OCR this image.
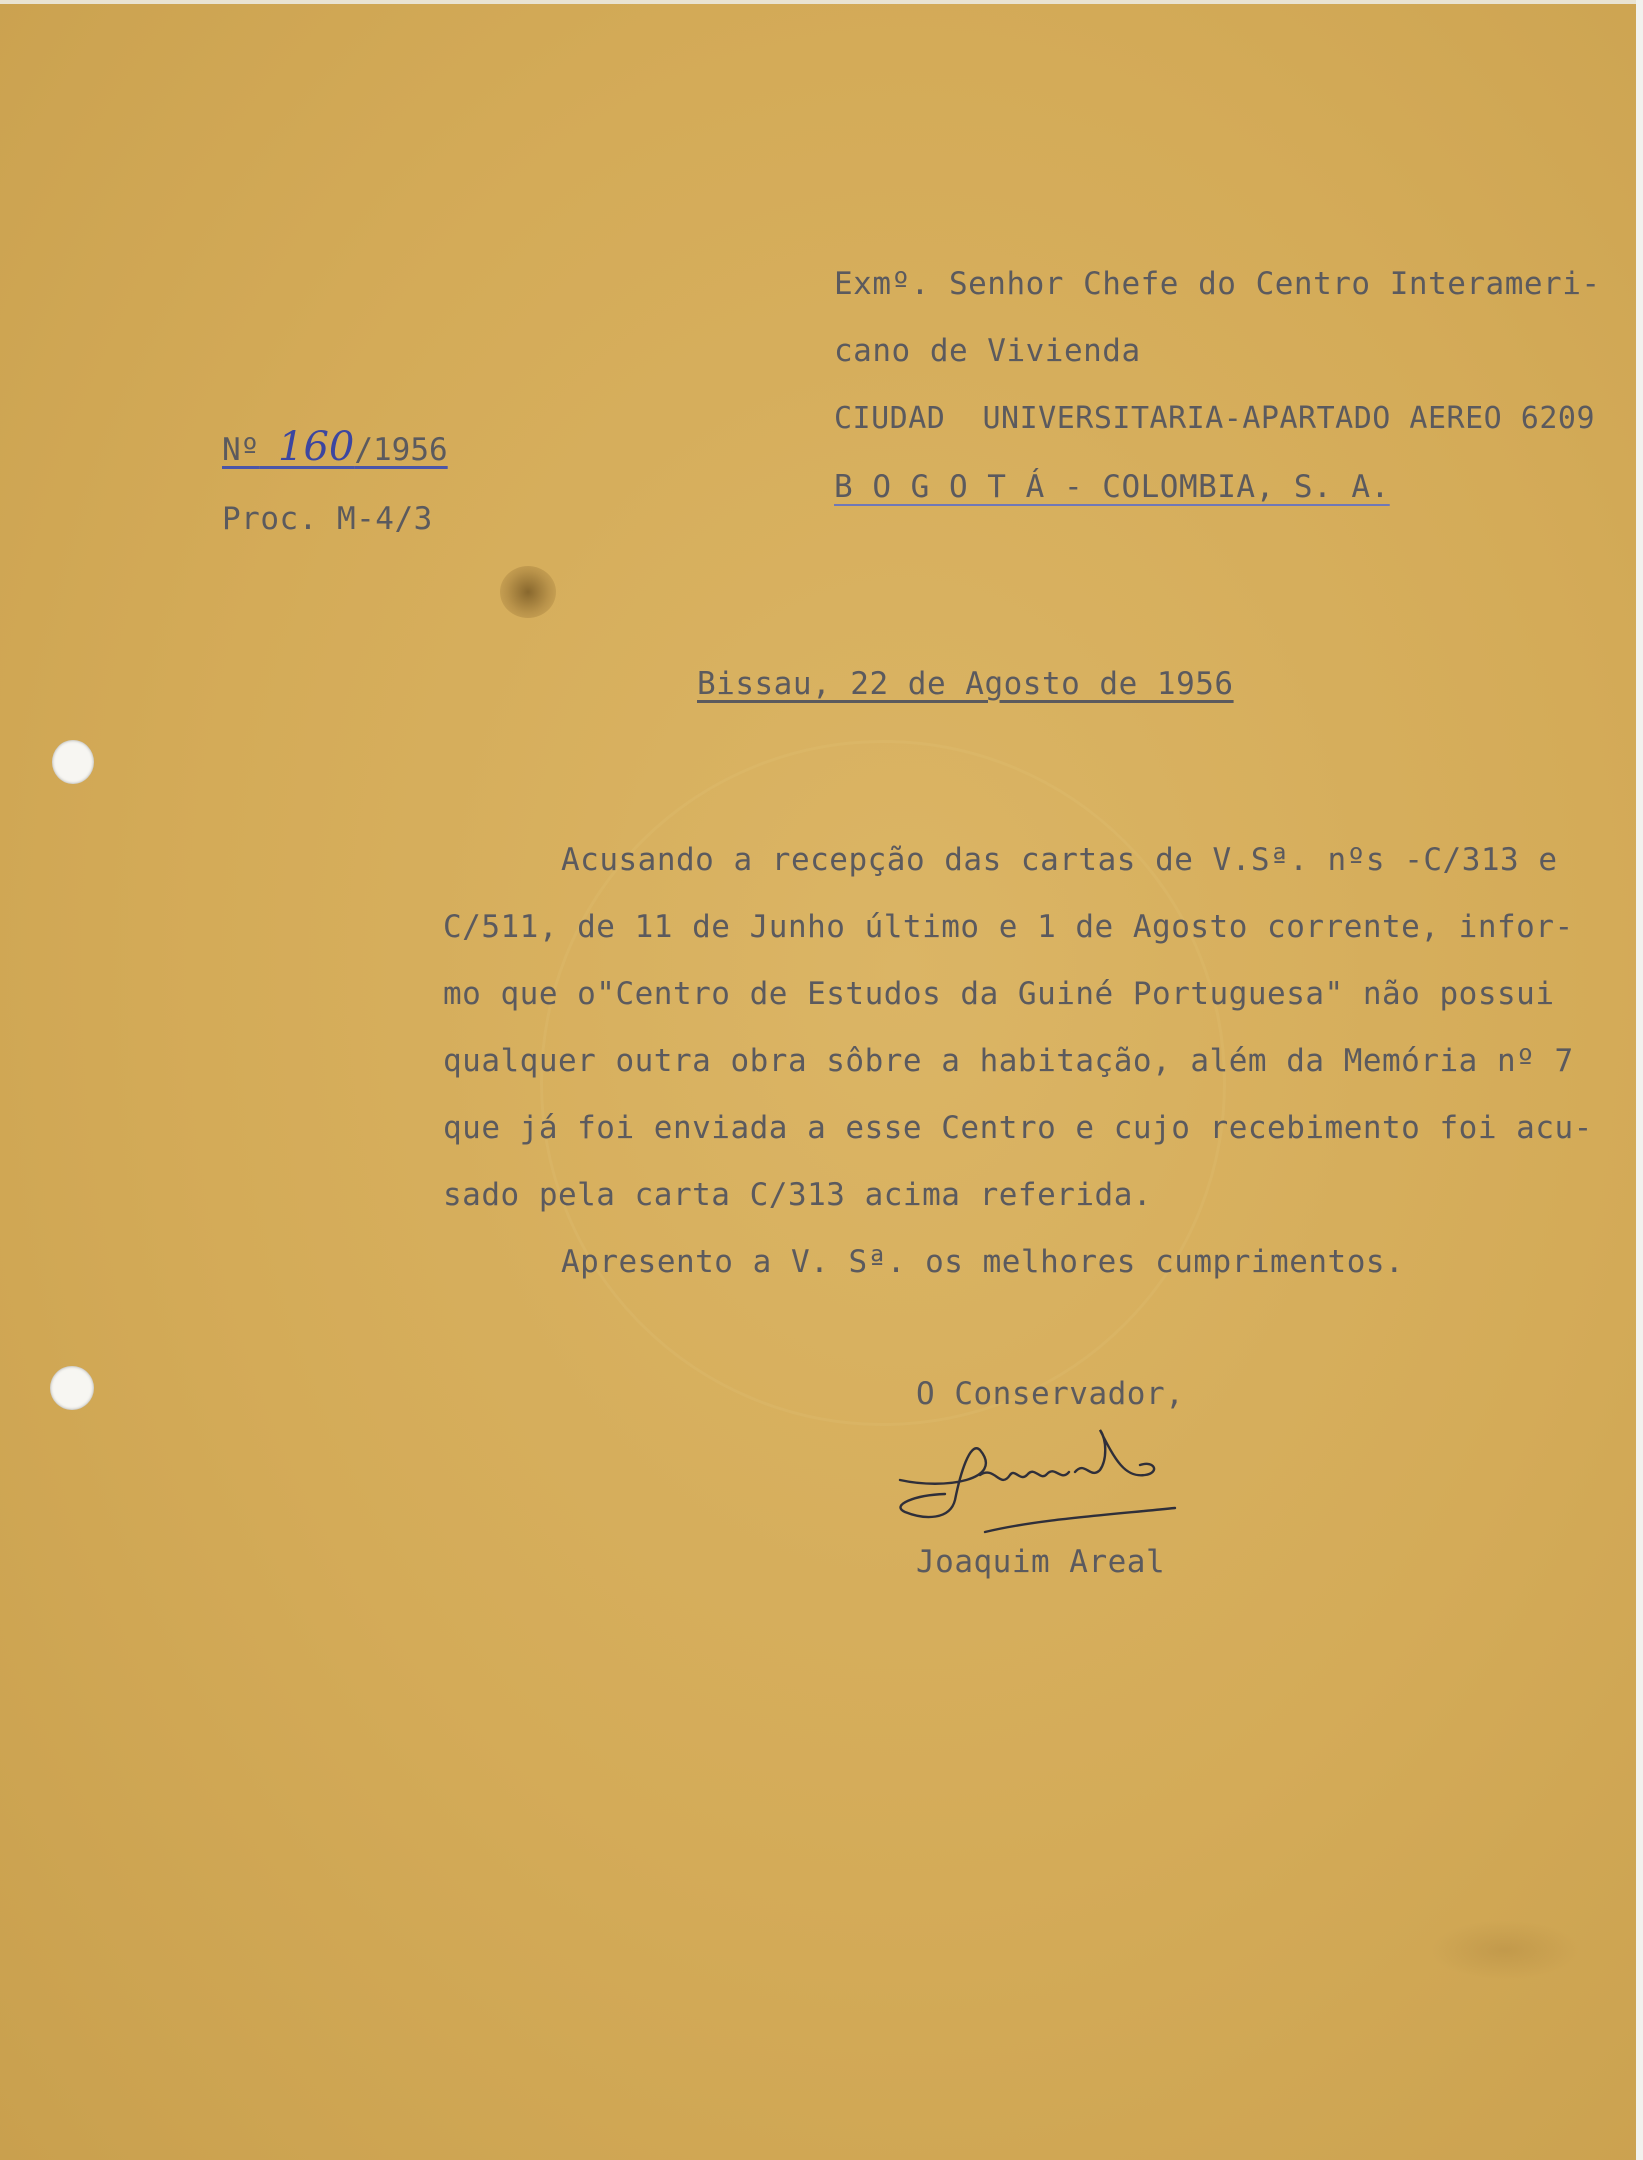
Exmº. Senhor Chefe do Centro Interameri-
cano de Vivienda
CIUDAD  UNIVERSITARIA-APARTADO AEREO 6209
B O G O T Á - COLOMBIA, S. A.
Nº 160/1956
Proc. M-4/3
Bissau, 22 de Agosto de 1956
Acusando a recepção das cartas de V.Sª. nºs -C/313 e
C/511, de 11 de Junho último e 1 de Agosto corrente, infor-
mo que o"Centro de Estudos da Guiné Portuguesa" não possui
qualquer outra obra sôbre a habitação, além da Memória nº 7
que já foi enviada a esse Centro e cujo recebimento foi acu-
sado pela carta C/313 acima referida.
Apresento a V. Sª. os melhores cumprimentos.
O Conservador,
Joaquim Areal
